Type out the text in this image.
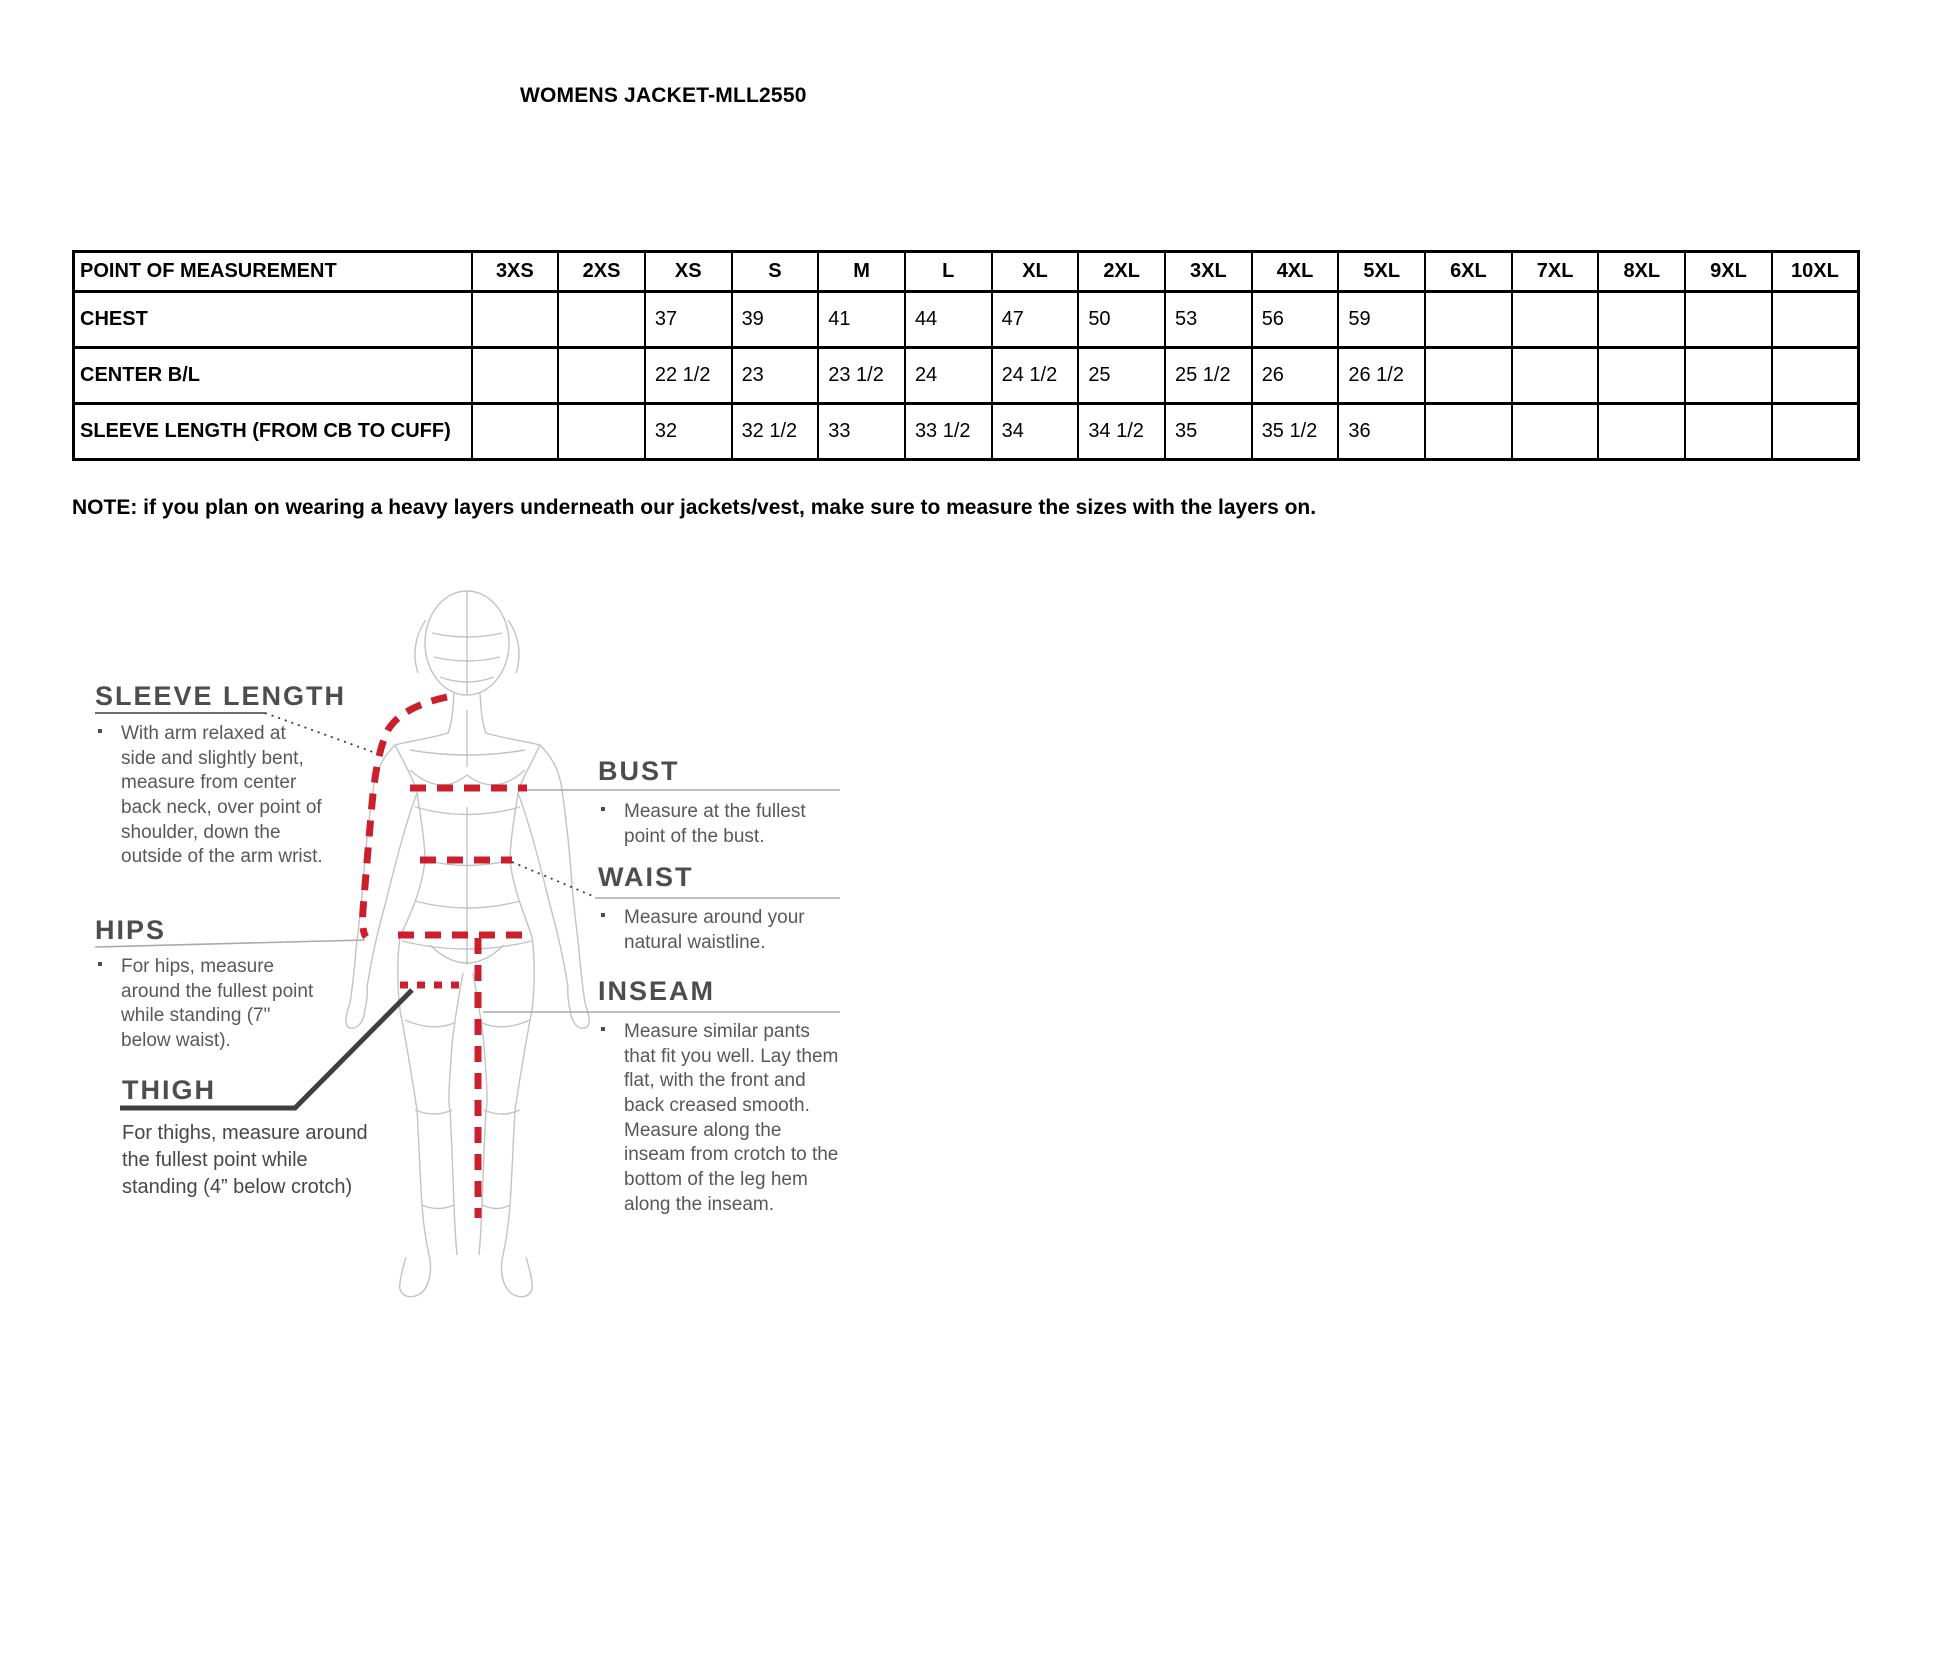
WOMENS JACKET-MLL2550
POINT OF MEASUREMENT	3XS	2XS	XS	S	M	L	XL	2XL	3XL	4XL	5XL	6XL	7XL	8XL	9XL	10XL
CHEST			37	39	41	44	47	50	53	56	59					
CENTER B/L			22 1/2	23	23 1/2	24	24 1/2	25	25 1/2	26	26 1/2					
SLEEVE LENGTH (FROM CB TO CUFF)			32	32 1/2	33	33 1/2	34	34 1/2	35	35 1/2	36					
NOTE: if you plan on wearing a heavy layers underneath our jackets/vest, make sure to measure the sizes with the layers on.
SLEEVE LENGTH
▪ With arm relaxed at side and slightly bent, measure from center back neck, over point of shoulder, down the outside of the arm wrist.
HIPS
▪ For hips, measure around the fullest point while standing (7" below waist).
THIGH
For thighs, measure around the fullest point while standing (4” below crotch)
BUST
▪ Measure at the fullest point of the bust.
WAIST
▪ Measure around your natural waistline.
INSEAM
▪ Measure similar pants that fit you well. Lay them flat, with the front and back creased smooth. Measure along the inseam from crotch to the bottom of the leg hem along the inseam.
